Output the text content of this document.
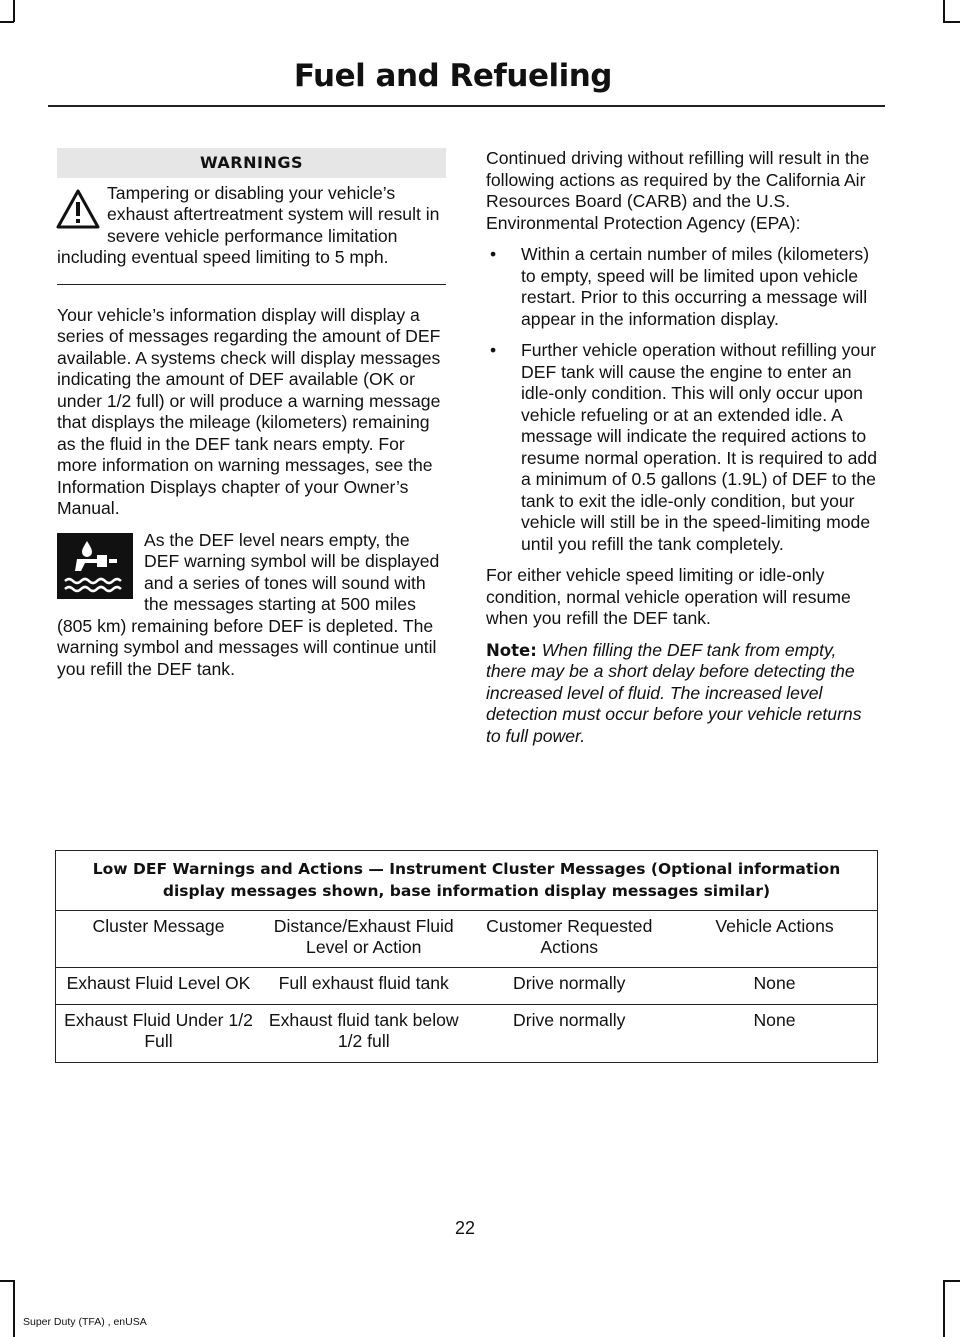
Fuel and Refueling
WARNINGS
Tampering or disabling your vehicle’s exhaust aftertreatment system will result in severe vehicle performance limitation including eventual speed limiting to 5 mph.

Your vehicle’s information display will display a series of messages regarding the amount of DEF available. A systems check will display messages indicating the amount of DEF available (OK or under 1/2 full) or will produce a warning message that displays the mileage (kilometers) remaining as the fluid in the DEF tank nears empty. For more information on warning messages, see the Information Displays chapter of your Owner’s Manual.

As the DEF level nears empty, the DEF warning symbol will be displayed and a series of tones will sound with the messages starting at 500 miles (805 km) remaining before DEF is depleted. The warning symbol and messages will continue until you refill the DEF tank.

Continued driving without refilling will result in the following actions as required by the California Air Resources Board (CARB) and the U.S. Environmental Protection Agency (EPA):

• Within a certain number of miles (kilometers) to empty, speed will be limited upon vehicle restart. Prior to this occurring a message will appear in the information display.
• Further vehicle operation without refilling your DEF tank will cause the engine to enter an idle-only condition. This will only occur upon vehicle refueling or at an extended idle. A message will indicate the required actions to resume normal operation. It is required to add a minimum of 0.5 gallons (1.9L) of DEF to the tank to exit the idle-only condition, but your vehicle will still be in the speed-limiting mode until you refill the tank completely.

For either vehicle speed limiting or idle-only condition, normal vehicle operation will resume when you refill the DEF tank.

Note: When filling the DEF tank from empty, there may be a short delay before detecting the increased level of fluid. The increased level detection must occur before your vehicle returns to full power.

Low DEF Warnings and Actions — Instrument Cluster Messages (Optional information display messages shown, base information display messages similar)			
Cluster Message	Distance/Exhaust Fluid Level or Action	Customer Requested Actions	Vehicle Actions
Exhaust Fluid Level OK	Full exhaust fluid tank	Drive normally	None
Exhaust Fluid Under 1/2 Full	Exhaust fluid tank below 1/2 full	Drive normally	None
22
Super Duty (TFA) , enUSA
